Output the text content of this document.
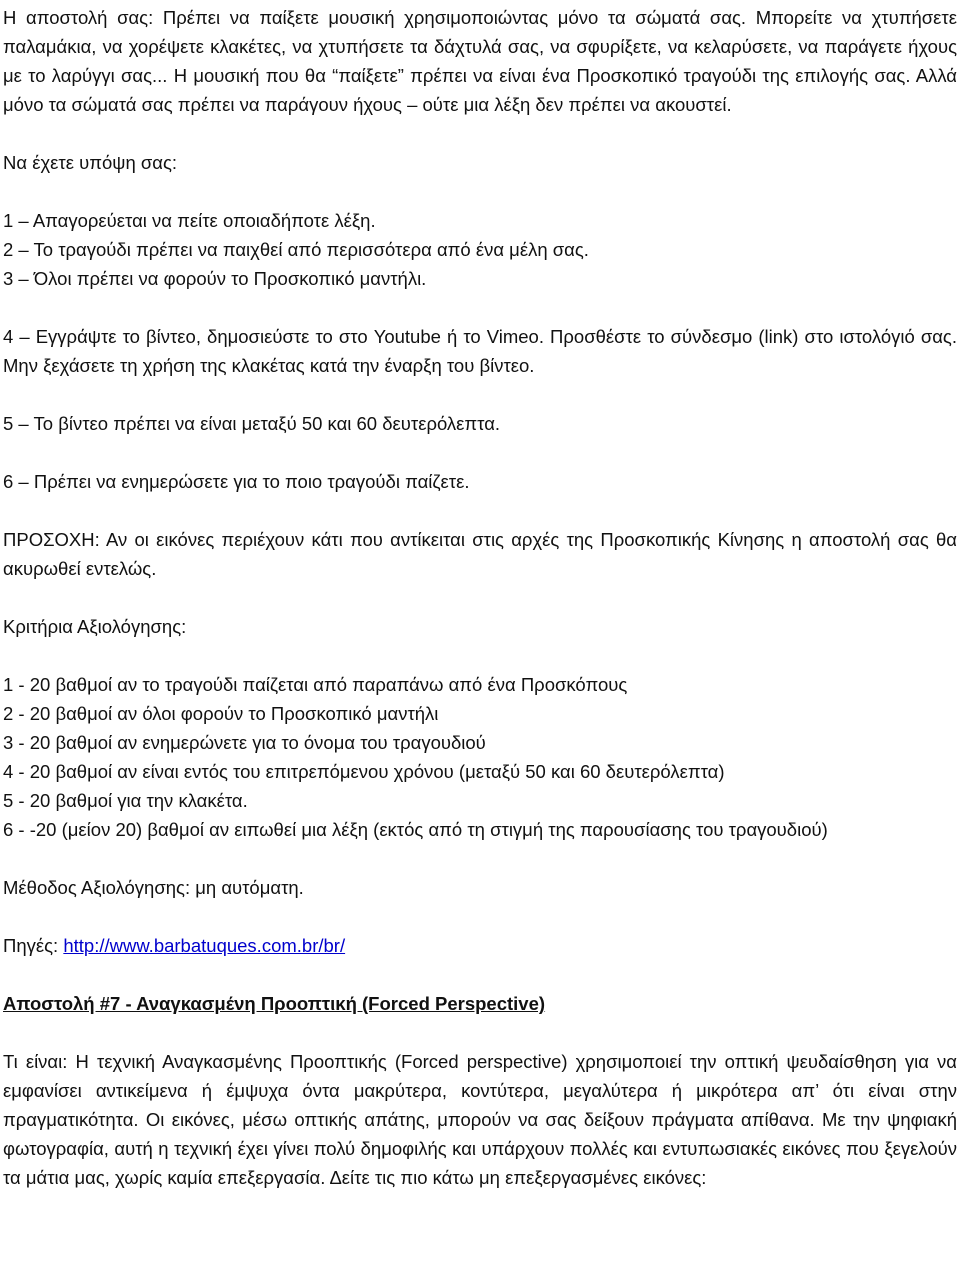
Η αποστολή σας: Πρέπει να παίξετε μουσική χρησιμοποιώντας μόνο τα σώματά σας. Μπορείτε να χτυπήσετε παλαμάκια, να χορέψετε κλακέτες, να χτυπήσετε τα δάχτυλά σας, να σφυρίξετε, να κελαρύσετε, να παράγετε ήχους με το λαρύγγι σας... Η μουσική που θα “παίξετε” πρέπει να είναι ένα Προσκοπικό τραγούδι της επιλογής σας. Αλλά μόνο τα σώματά σας πρέπει να παράγουν ήχους – ούτε μια λέξη δεν πρέπει να ακουστεί.

Να έχετε υπόψη σας:

1 – Απαγορεύεται να πείτε οποιαδήποτε λέξη.

2 – Το τραγούδι πρέπει να παιχθεί από περισσότερα από ένα μέλη σας.

3 – Όλοι πρέπει να φορούν το Προσκοπικό μαντήλι.

4 – Εγγράψτε το βίντεο, δημοσιεύστε το στο Youtube ή το Vimeo. Προσθέστε το σύνδεσμο (link) στο ιστολόγιό σας. Μην ξεχάσετε τη χρήση της κλακέτας κατά την έναρξη του βίντεο.

5 – Το βίντεο πρέπει να είναι μεταξύ 50 και 60 δευτερόλεπτα.

6 – Πρέπει να ενημερώσετε για το ποιο τραγούδι παίζετε.

ΠΡΟΣΟΧΗ: Αν οι εικόνες περιέχουν κάτι που αντίκειται στις αρχές της Προσκοπικής Κίνησης η αποστολή σας θα ακυρωθεί εντελώς.

Κριτήρια Αξιολόγησης:

1 - 20 βαθμοί αν το τραγούδι παίζεται από παραπάνω από ένα Προσκόπους

2 - 20 βαθμοί αν όλοι φορούν το Προσκοπικό μαντήλι

3 - 20 βαθμοί αν ενημερώνετε για το όνομα του τραγουδιού

4 - 20 βαθμοί αν είναι εντός του επιτρεπόμενου χρόνου (μεταξύ 50 και 60 δευτερόλεπτα)

5 - 20 βαθμοί για την κλακέτα.

6 - -20 (μείον 20) βαθμοί αν ειπωθεί μια λέξη (εκτός από τη στιγμή της παρουσίασης του τραγουδιού)

Μέθοδος Αξιολόγησης: μη αυτόματη.

Πηγές: http://www.barbatuques.com.br/br/

Αποστολή #7 - Αναγκασμένη Προοπτική (Forced Perspective)

Τι είναι: Η τεχνική Αναγκασμένης Προοπτικής (Forced perspective) χρησιμοποιεί την οπτική ψευδαίσθηση για να εμφανίσει αντικείμενα ή έμψυχα όντα μακρύτερα, κοντύτερα, μεγαλύτερα ή μικρότερα απ’ ότι είναι στην πραγματικότητα. Οι εικόνες, μέσω οπτικής απάτης, μπορούν να σας δείξουν πράγματα απίθανα. Με την ψηφιακή φωτογραφία, αυτή η τεχνική έχει γίνει πολύ δημοφιλής και υπάρχουν πολλές και εντυπωσιακές εικόνες που ξεγελούν τα μάτια μας, χωρίς καμία επεξεργασία. Δείτε τις πιο κάτω μη επεξεργασμένες εικόνες:
